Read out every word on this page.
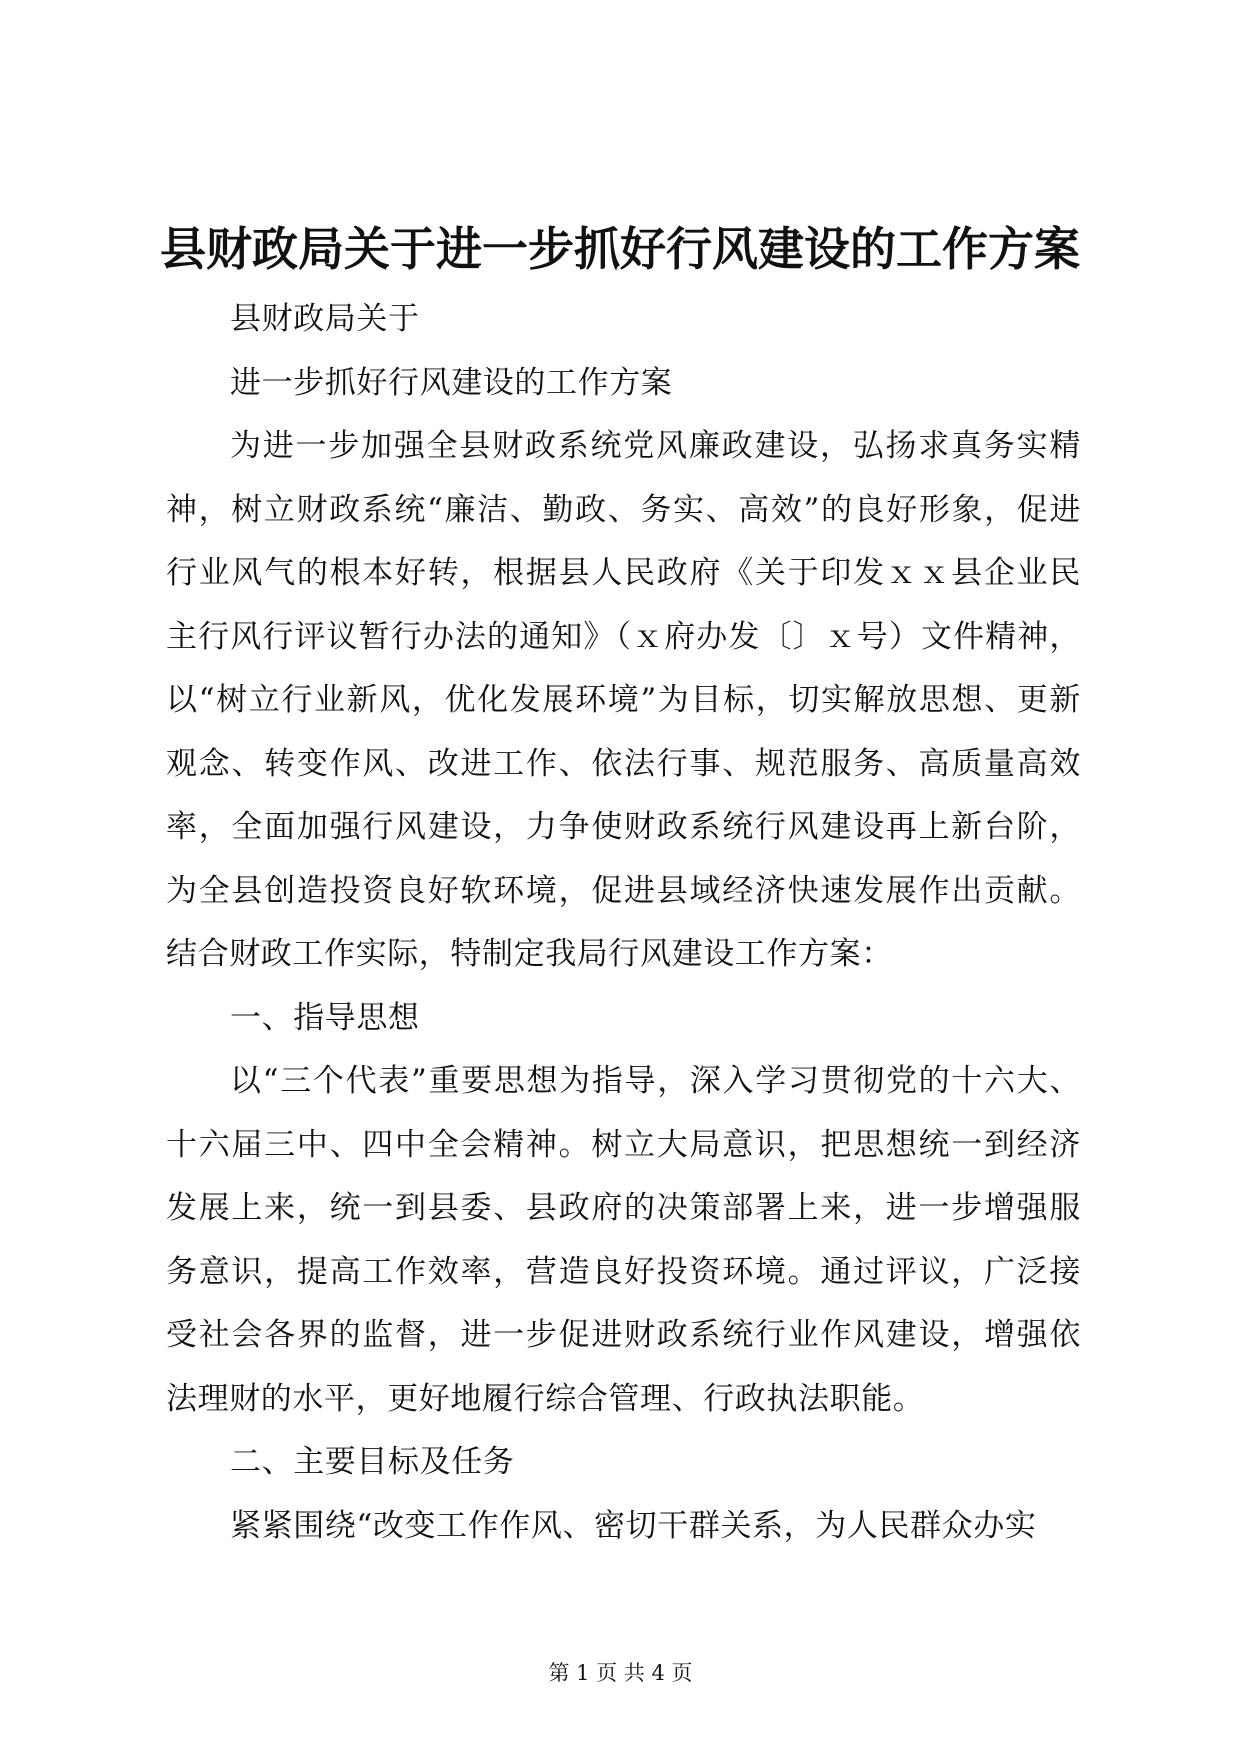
县财政局关于进一步抓好行风建设的工作方案

县财政局关于

进一步抓好行风建设的工作方案

为进一步加强全县财政系统党风廉政建设，弘扬求真务实精神，树立财政系统“廉洁、勤政、务实、高效”的良好形象，促进行业风气的根本好转，根据县人民政府《关于印发ｘｘ县企业民主行风行评议暂行办法的通知》（ｘ府办发〔〕ｘ号）文件精神，以“树立行业新风，优化发展环境”为目标，切实解放思想、更新观念、转变作风、改进工作、依法行事、规范服务、高质量高效率，全面加强行风建设，力争使财政系统行风建设再上新台阶，为全县创造投资良好软环境，促进县域经济快速发展作出贡献。结合财政工作实际，特制定我局行风建设工作方案：

一、指导思想

以“三个代表”重要思想为指导，深入学习贯彻党的十六大、十六届三中、四中全会精神。树立大局意识，把思想统一到经济发展上来，统一到县委、县政府的决策部署上来，进一步增强服务意识，提高工作效率，营造良好投资环境。通过评议，广泛接受社会各界的监督，进一步促进财政系统行业作风建设，增强依法理财的水平，更好地履行综合管理、行政执法职能。

二、主要目标及任务

紧紧围绕“改变工作作风、密切干群关系，为人民群众办实

第 1 页 共 4 页
